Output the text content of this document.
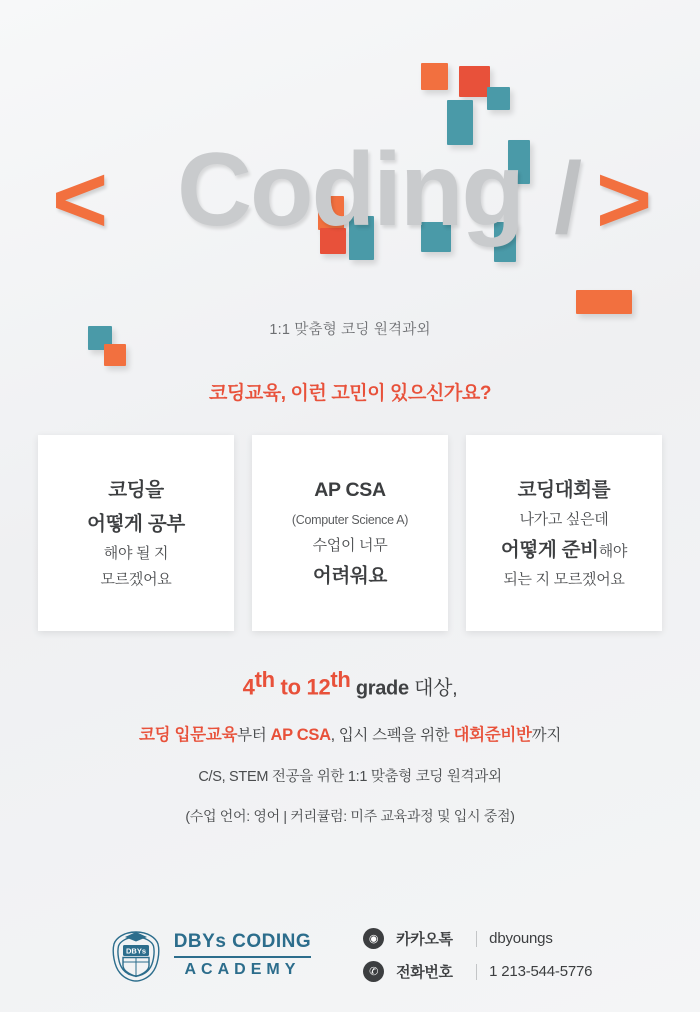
< Coding / >
1:1 맞춤형 코딩 원격과외
코딩교육, 이런 고민이 있으신가요?
코딩을
어떻게 공부
해야 될 지
모르겠어요
AP CSA
(Computer Science A)
수업이 너무
어려워요
코딩대회를
나가고 싶은데
어떻게 준비해야
되는 지 모르겠어요
4th to 12th grade 대상,
코딩 입문교육부터 AP CSA, 입시 스펙을 위한 대회준비반까지
C/S, STEM 전공을 위한 1:1 맞춤형 코딩 원격과외
(수업 언어: 영어 | 커리큘럼: 미주 교육과정 및 입시 중점)
DBYs DBYs CODING
ACADEMY
◉	카카오톡	dbyoungs
✆	전화번호	1 213-544-5776
